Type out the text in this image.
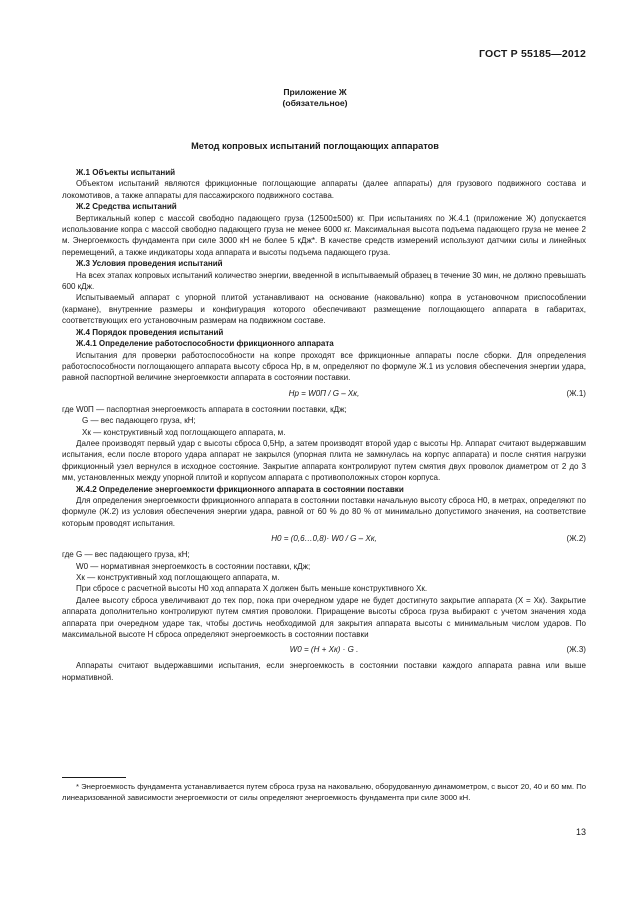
ГОСТ Р 55185—2012
Приложение Ж
(обязательное)
Метод копровых испытаний поглощающих аппаратов

Ж.1 Объекты испытаний

Объектом испытаний являются фрикционные поглощающие аппараты (далее аппараты) для грузового подвижного состава и локомотивов, а также аппараты для пассажирского подвижного состава.

Ж.2 Средства испытаний

Вертикальный копер с массой свободно падающего груза (12500±500) кг. При испытаниях по Ж.4.1 (приложение Ж) допускается использование копра с массой свободно падающего груза не менее 6000 кг. Максимальная высота подъема падающего груза не менее 2 м. Энергоемкость фундамента при силе 3000 кН не более 5 кДж*. В качестве средств измерений используют датчики силы и линейных перемещений, а также индикаторы хода аппарата и высоты подъема падающего груза.

Ж.3 Условия проведения испытаний

На всех этапах копровых испытаний количество энергии, введенной в испытываемый образец в течение 30 мин, не должно превышать 600 кДж.

Испытываемый аппарат с упорной плитой устанавливают на основание (наковальню) копра в установочном приспособлении (кармане), внутренние размеры и конфигурация которого обеспечивают размещение поглощающего аппарата в габаритах, соответствующих его установочным размерам на подвижном составе.

Ж.4 Порядок проведения испытаний

Ж.4.1 Определение работоспособности фрикционного аппарата

Испытания для проверки работоспособности на копре проходят все фрикционные аппараты после сборки. Для определения работоспособности поглощающего аппарата высоту сброса Hр, в м, определяют по формуле Ж.1 из условия обеспечения энергии удара, равной паспортной величине энергоемкости аппарата в состоянии поставки.

Hр = W0П / G – Xк,	(Ж.1)

где W0П — паспортная энергоемкость аппарата в состоянии поставки, кДж;

G — вес падающего груза, кН;

Xк — конструктивный ход поглощающего аппарата, м.

Далее производят первый удар с высоты сброса 0,5Hр, а затем производят второй удар с высоты Hр. Аппарат считают выдержавшим испытания, если после второго удара аппарат не закрылся (упорная плита не замкнулась на корпус аппарата) и после снятия нагрузки фрикционный узел вернулся в исходное состояние. Закрытие аппарата контролируют путем смятия двух проволок диаметром от 2 до 3 мм, установленных между упорной плитой и корпусом аппарата с противоположных сторон корпуса.

Ж.4.2 Определение энергоемкости фрикционного аппарата в состоянии поставки

Для определения энергоемкости фрикционного аппарата в состоянии поставки начальную высоту сброса H0, в метрах, определяют по формуле (Ж.2) из условия обеспечения энергии удара, равной от 60 % до 80 % от минимально допустимого значения, на соответствие которым проводят испытания.

H0 = (0,6…0,8)· W0 / G – Xк,	(Ж.2)

где G — вес падающего груза, кН;

W0 — нормативная энергоемкость в состоянии поставки, кДж;

Xк — конструктивный ход поглощающего аппарата, м.

При сбросе с расчетной высоты H0 ход аппарата X должен быть меньше конструктивного Xк.

Далее высоту сброса увеличивают до тех пор, пока при очередном ударе не будет достигнуто закрытие аппарата (X = Xк). Закрытие аппарата дополнительно контролируют путем смятия проволоки. Приращение высоты сброса груза выбирают с учетом значения хода аппарата при очередном ударе так, чтобы достичь необходимой для закрытия аппарата высоты с минимальным числом ударов. По максимальной высоте H сброса определяют энергоемкость в состоянии поставки

W0 = (H + Xк) · G .	(Ж.3)

Аппараты считают выдержавшими испытания, если энергоемкость в состоянии поставки каждого аппарата равна или выше нормативной.

* Энергоемкость фундамента устанавливается путем сброса груза на наковальню, оборудованную динамометром, с высот 20, 40 и 60 мм. По линеаризованной зависимости энергоемкости от силы определяют энергоемкость фундамента при силе 3000 кН.
13
